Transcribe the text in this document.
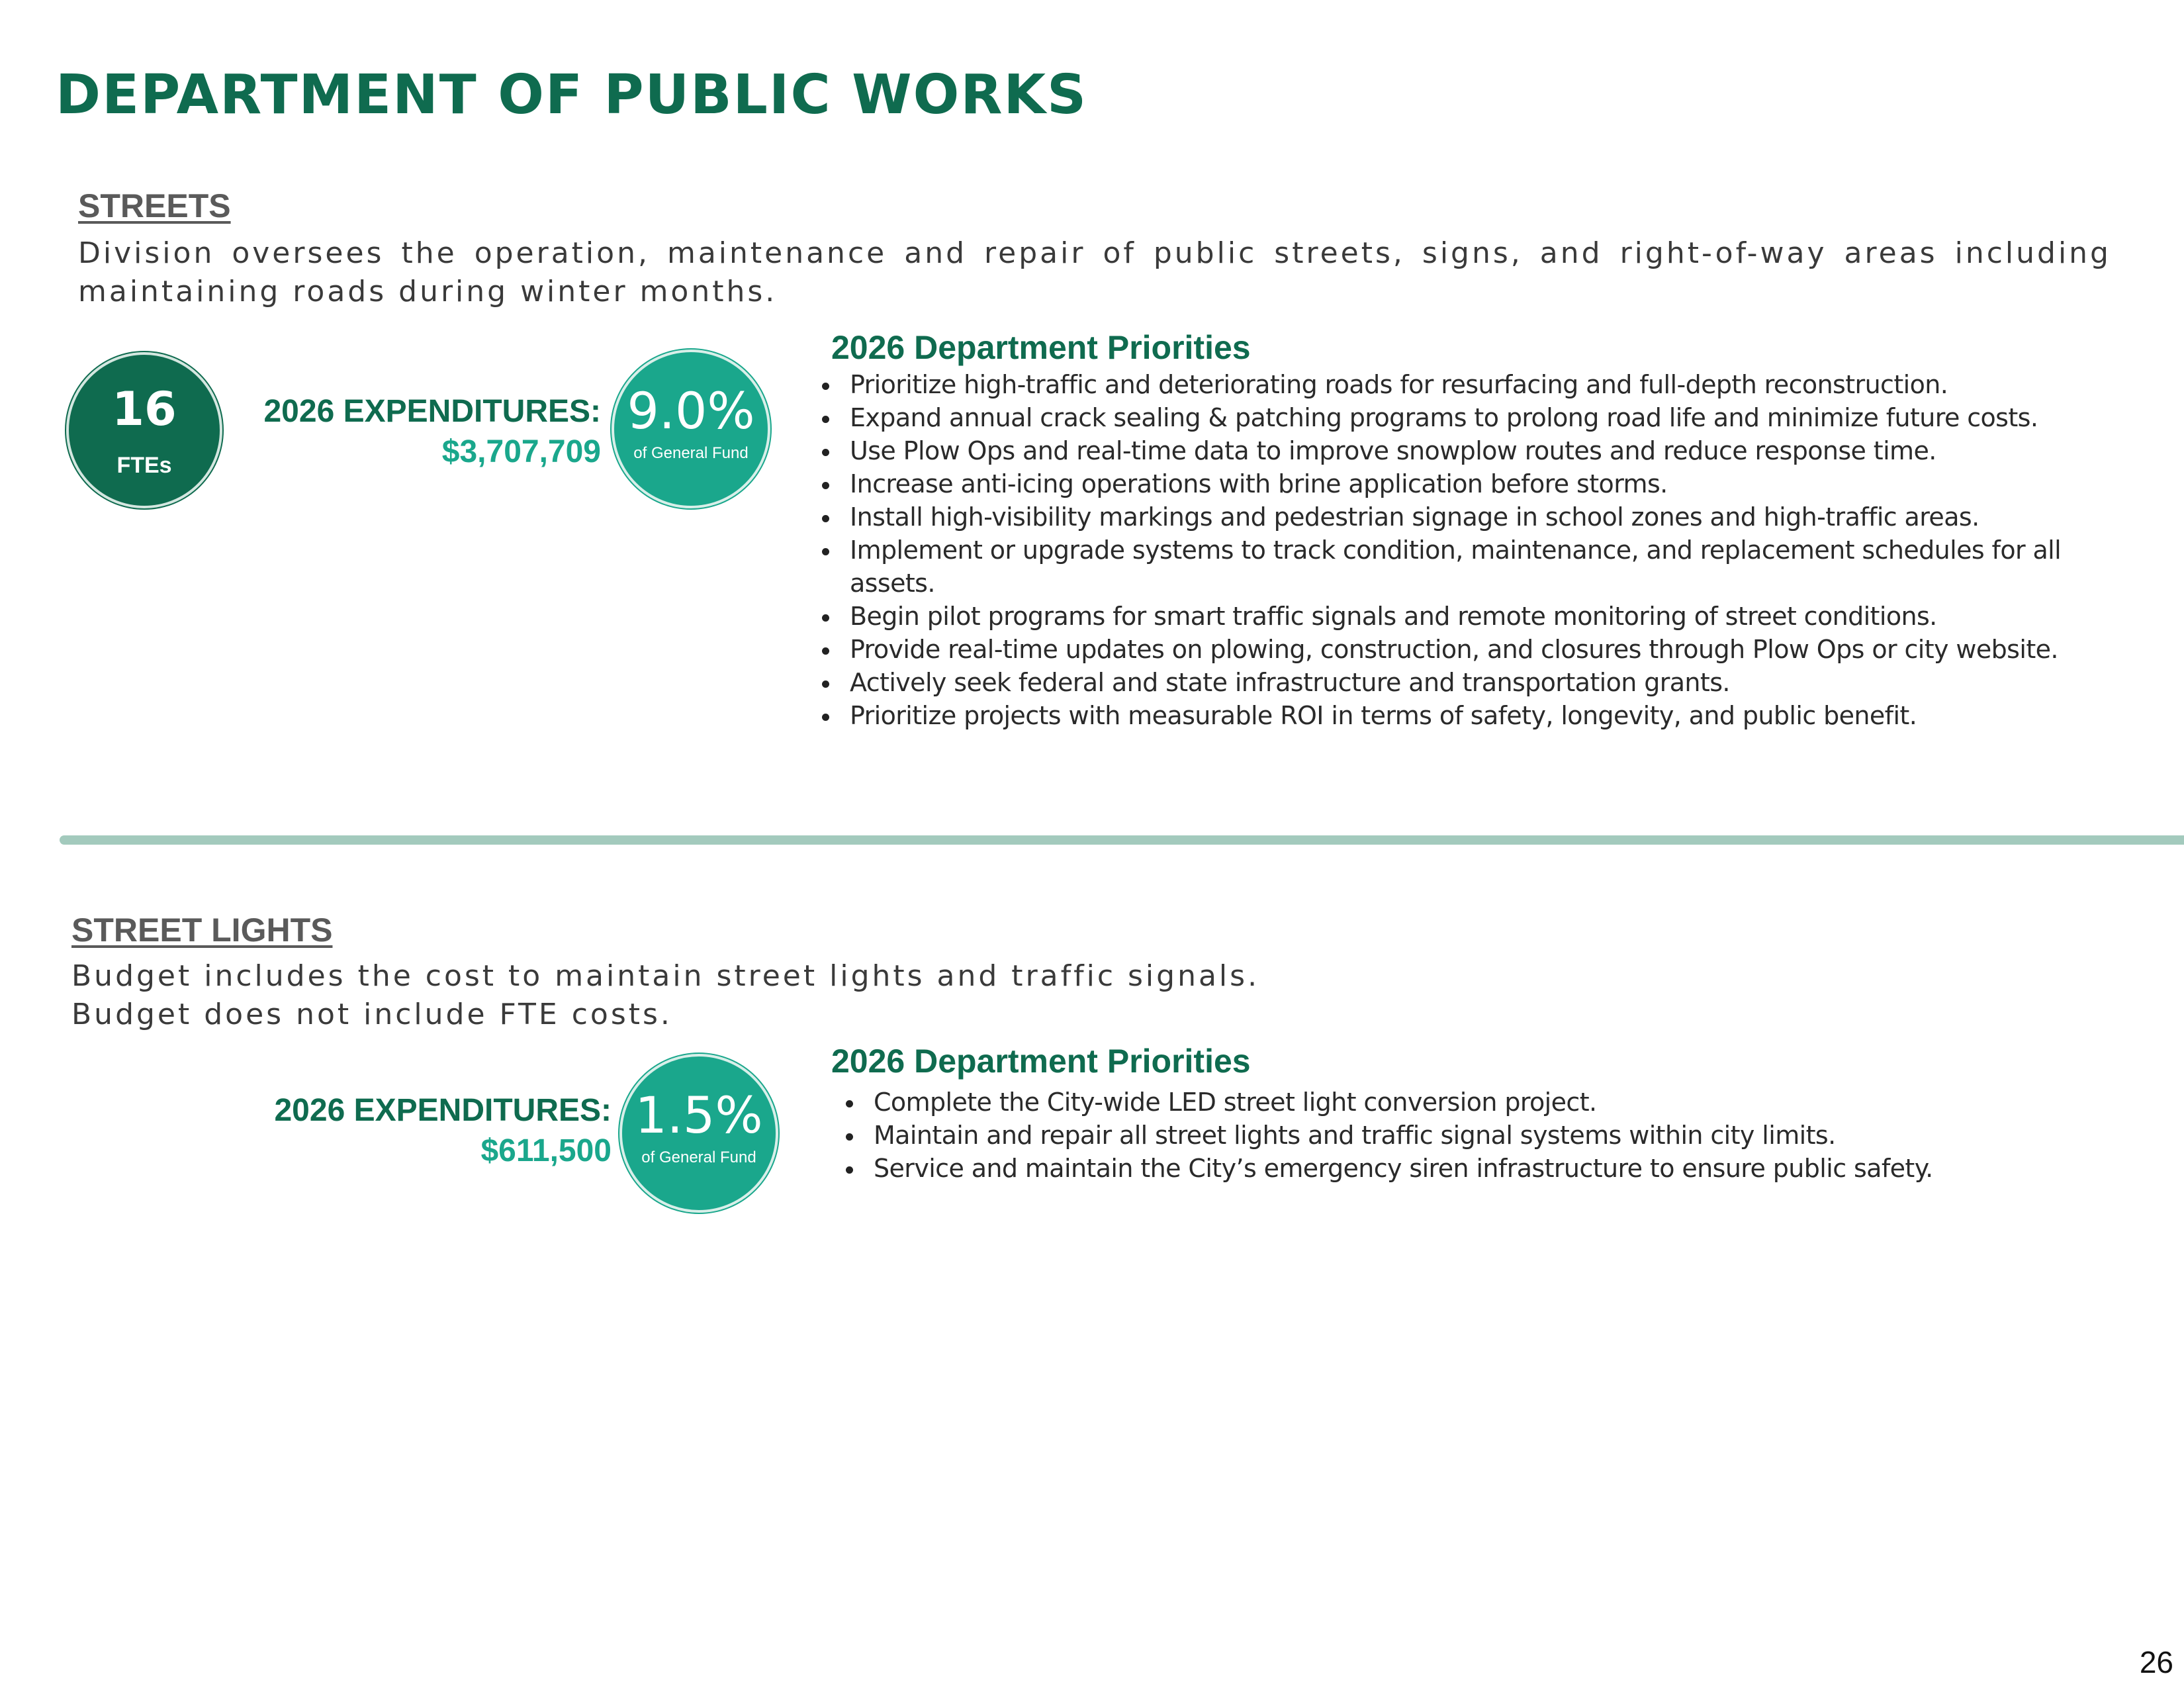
DEPARTMENT OF PUBLIC WORKS
STREETS

Division oversees the operation, maintenance and repair of public streets, signs, and right-of-way areas including maintaining roads during winter months.

16
FTEs

2026 EXPENDITURES:

$3,707,709

9.0%
of General Fund
2026 Department Priorities
Prioritize high-traffic and deteriorating roads for resurfacing and full-depth reconstruction.
Expand annual crack sealing & patching programs to prolong road life and minimize future costs.
Use Plow Ops and real-time data to improve snowplow routes and reduce response time.
Increase anti-icing operations with brine application before storms.
Install high-visibility markings and pedestrian signage in school zones and high-traffic areas.
Implement or upgrade systems to track condition, maintenance, and replacement schedules for all assets.
Begin pilot programs for smart traffic signals and remote monitoring of street conditions.
Provide real-time updates on plowing, construction, and closures through Plow Ops or city website.
Actively seek federal and state infrastructure and transportation grants.
Prioritize projects with measurable ROI in terms of safety, longevity, and public benefit.
STREET LIGHTS

Budget includes the cost to maintain street lights and traffic signals.

Budget does not include FTE costs.

2026 EXPENDITURES:

$611,500

1.5%
of General Fund
2026 Department Priorities
Complete the City-wide LED street light conversion project.
Maintain and repair all street lights and traffic signal systems within city limits.
Service and maintain the City’s emergency siren infrastructure to ensure public safety.
26
